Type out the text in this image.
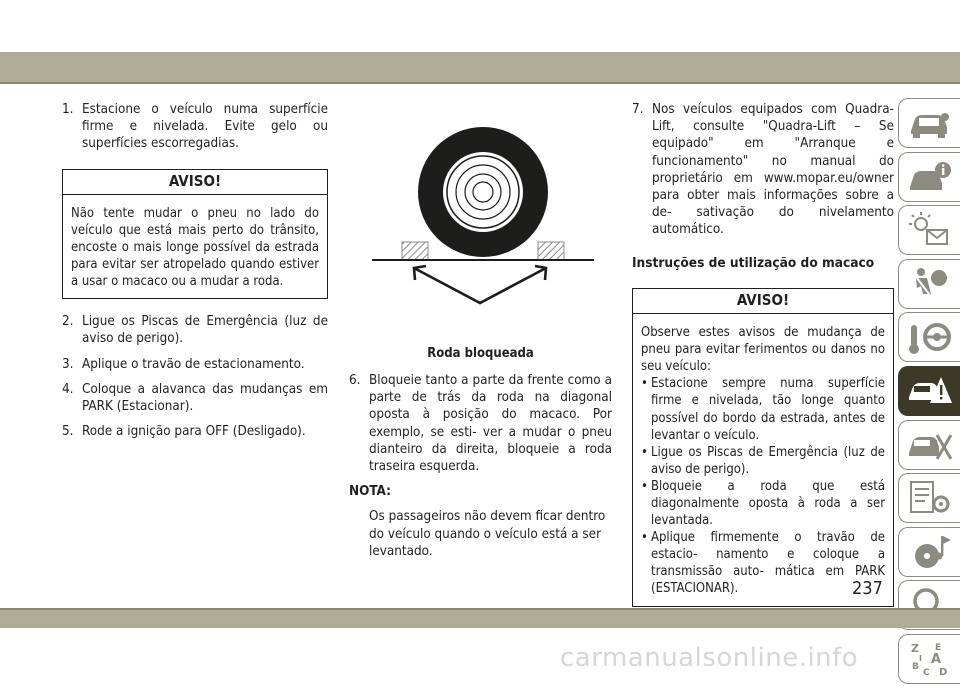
1. Estacione o veículo numa superfície firme e nivelada. Evite gelo ou superfícies escorregadias.
AVISO!
Não tente mudar o pneu no lado do veículo que está mais perto do trânsito, encoste o mais longe possível da estrada para evitar ser atropelado quando estiver a usar o macaco ou a mudar a roda.
2. Ligue os Piscas de Emergência (luz de aviso de perigo).
3. Aplique o travão de estacionamento.
4. Coloque a alavanca das mudanças em PARK (Estacionar).
5. Rode a ignição para OFF (Desligado).
Roda bloqueada
6. Bloqueie tanto a parte da frente como a parte de trás da roda na diagonal oposta à posição do macaco. Por exemplo, se esti- ver a mudar o pneu dianteiro da direita, bloqueie a roda traseira esquerda.
NOTA:
Os passageiros não devem ficar dentro do veículo quando o veículo está a ser levantado.
7. Nos veículos equipados com Quadra-Lift, consulte "Quadra-Lift – Se equipado" em "Arranque e funcionamento" no manual do proprietário em www.mopar.eu/owner para obter mais informações sobre a de- sativação do nivelamento automático.
Instruções de utilização do macaco
AVISO!
Observe estes avisos de mudança de pneu para evitar ferimentos ou danos no seu veículo:
• Estacione sempre numa superfície firme e nivelada, tão longe quanto possível do bordo da estrada, antes de levantar o veículo.
• Ligue os Piscas de Emergência (luz de aviso de perigo).
• Bloqueie a roda que está diagonalmente oposta à roda a ser levantada.
• Aplique firmemente o travão de estacio- namento e coloque a transmissão auto- mática em PARK (ESTACIONAR).
Z E
A
B
C D
I
237
carmanualsonline.info
